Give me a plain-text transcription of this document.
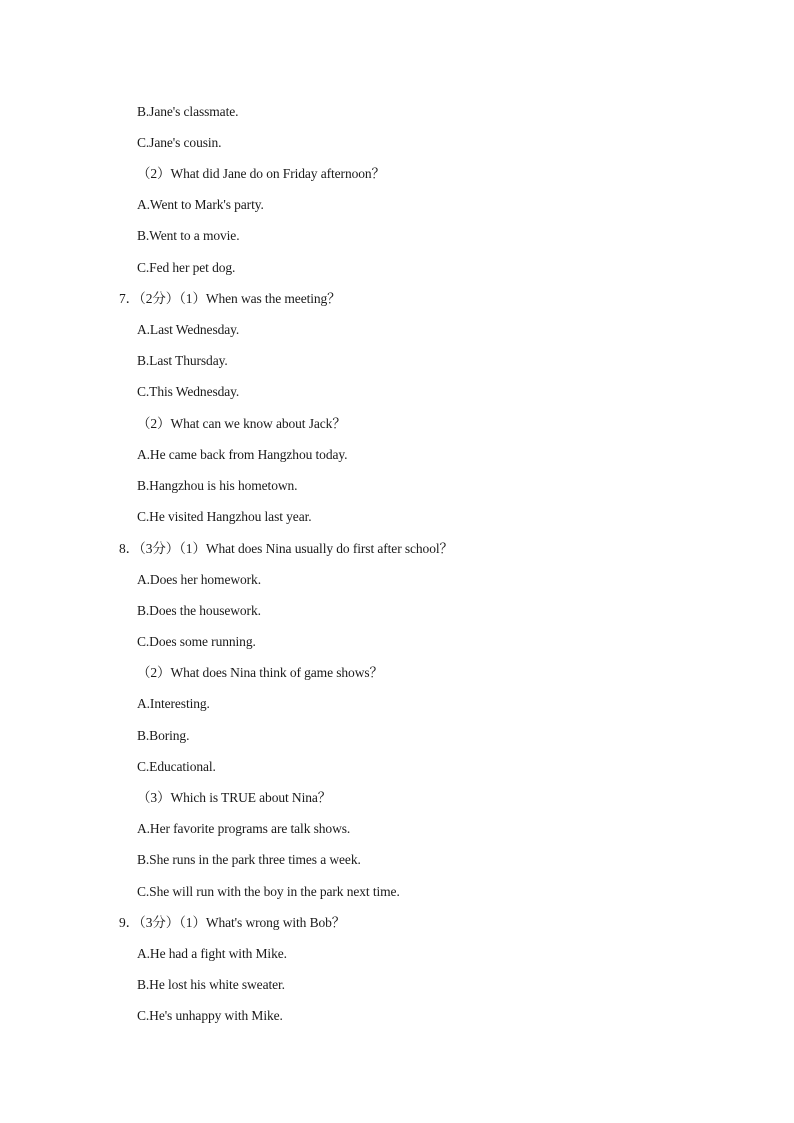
B.Jane's classmate.
C.Jane's cousin.
（2）What did Jane do on Friday afternoon？
A.Went to Mark's party.
B.Went to a movie.
C.Fed her pet dog.
7．（2分）（1）When was the meeting？
A.Last Wednesday.
B.Last Thursday.
C.This Wednesday.
（2）What can we know about Jack？
A.He came back from Hangzhou today.
B.Hangzhou is his hometown.
C.He visited Hangzhou last year.
8．（3分）（1）What does Nina usually do first after school？
A.Does her homework.
B.Does the housework.
C.Does some running.
（2）What does Nina think of game shows？
A.Interesting.
B.Boring.
C.Educational.
（3）Which is TRUE about Nina？
A.Her favorite programs are talk shows.
B.She runs in the park three times a week.
C.She will run with the boy in the park next time.
9．（3分）（1）What's wrong with Bob？
A.He had a fight with Mike.
B.He lost his white sweater.
C.He's unhappy with Mike.
